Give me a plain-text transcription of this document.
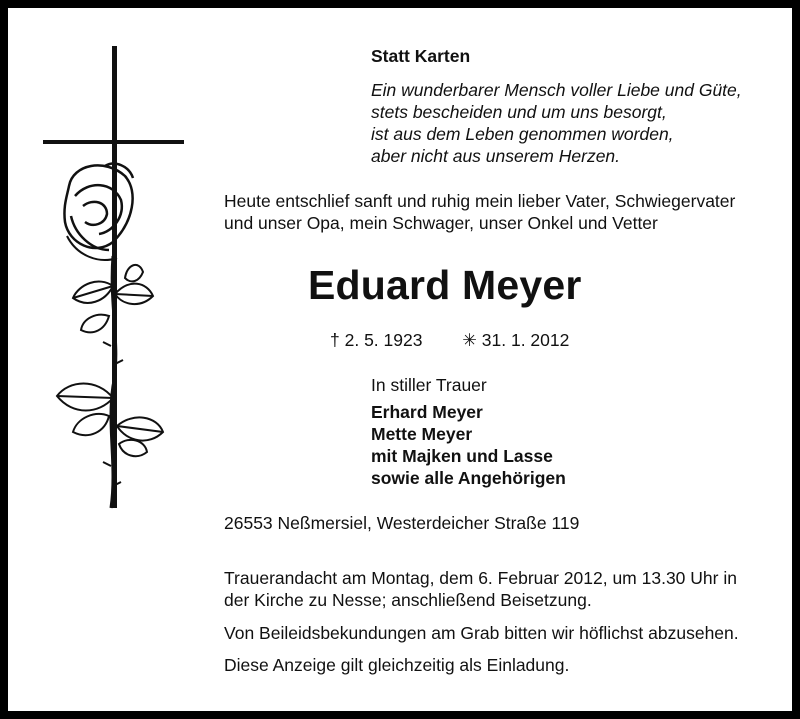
Statt Karten
Ein wunderbarer Mensch voller Liebe und Güte,
stets bescheiden und um uns besorgt,
ist aus dem Leben genommen worden,
aber nicht aus unserem Herzen.
Heute entschlief sanft und ruhig mein lieber Vater, Schwiegervater
und unser Opa, mein Schwager, unser Onkel und Vetter
Eduard Meyer
† 2. 5. 1923 ✳ 31. 1. 2012
In stiller Trauer
Erhard Meyer
Mette Meyer
mit Majken und Lasse
sowie alle Angehörigen
26553 Neßmersiel, Westerdeicher Straße 119
Trauerandacht am Montag, dem 6. Februar 2012, um 13.30 Uhr in
der Kirche zu Nesse; anschließend Beisetzung.
Von Beileidsbekundungen am Grab bitten wir höflichst abzusehen.
Diese Anzeige gilt gleichzeitig als Einladung.
